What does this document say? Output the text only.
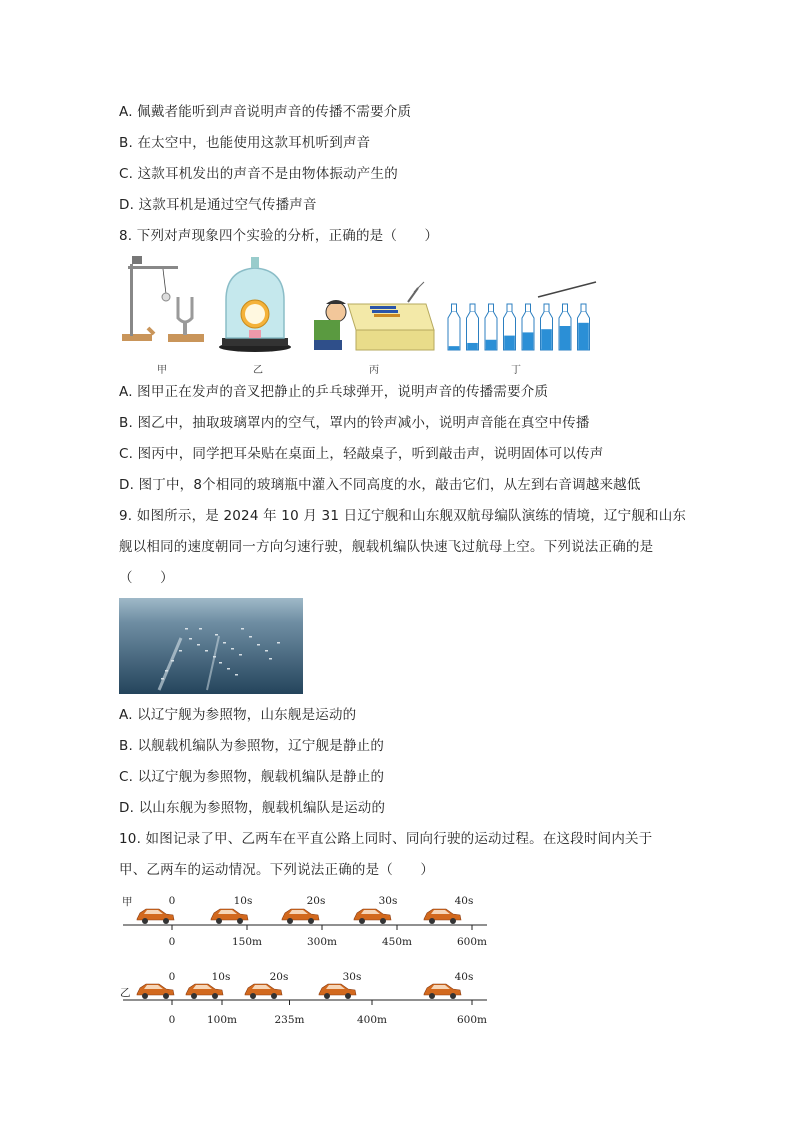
A. 佩戴者能听到声音说明声音的传播不需要介质
B. 在太空中，也能使用这款耳机听到声音
C. 这款耳机发出的声音不是由物体振动产生的
D. 这款耳机是通过空气传播声音
8. 下列对声现象四个实验的分析，正确的是（　　）
甲	乙	丙	丁
A. 图甲正在发声的音叉把静止的乒乓球弹开，说明声音的传播需要介质
B. 图乙中，抽取玻璃罩内的空气，罩内的铃声减小，说明声音能在真空中传播
C. 图丙中，同学把耳朵贴在桌面上，轻敲桌子，听到敲击声，说明固体可以传声
D. 图丁中，8个相同的玻璃瓶中灌入不同高度的水，敲击它们，从左到右音调越来越低
9. 如图所示，是 2024 年 10 月 31 日辽宁舰和山东舰双航母编队演练的情境，辽宁舰和山东
舰以相同的速度朝同一方向匀速行驶，舰载机编队快速飞过航母上空。下列说法正确的是
（　　）
A. 以辽宁舰为参照物，山东舰是运动的
B. 以舰载机编队为参照物，辽宁舰是静止的
C. 以辽宁舰为参照物，舰载机编队是静止的
D. 以山东舰为参照物，舰载机编队是运动的
10. 如图记录了甲、乙两车在平直公路上同时、同向行驶的运动过程。在这段时间内关于
甲、乙两车的运动情况。下列说法正确的是（　　）
甲
0
0
150m
10s
300m
20s
450m
30s
600m
40s
乙
0
0
100m
10s
235m
20s
400m
30s
600m
40s
